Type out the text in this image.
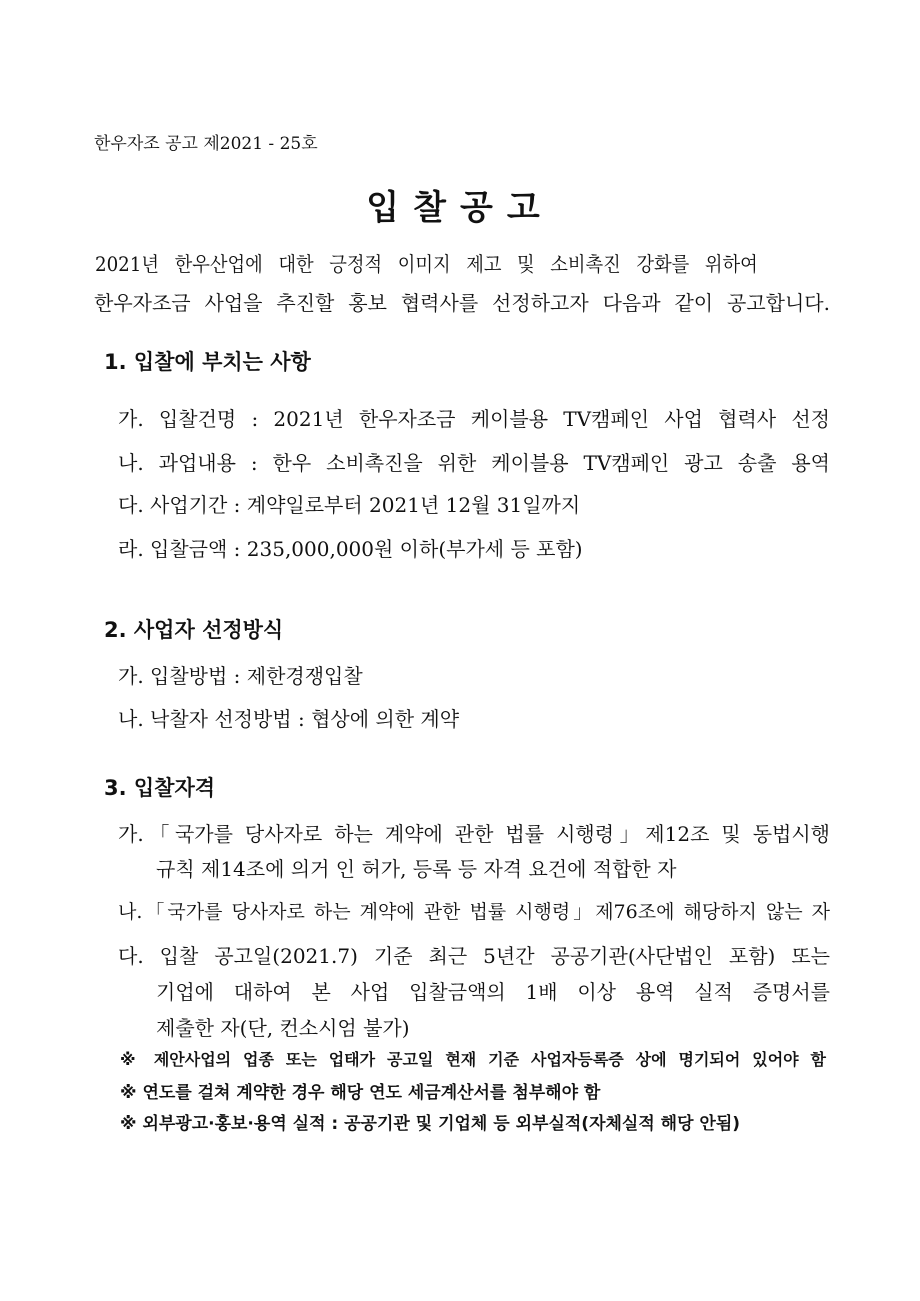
한우자조 공고 제2021 - 25호
입찰공고
2021년 한우산업에 대한 긍정적 이미지 제고 및 소비촉진 강화를 위하여
한우자조금 사업을 추진할 홍보 협력사를 선정하고자 다음과 같이 공고합니다.
1. 입찰에 부치는 사항
가. 입찰건명 : 2021년 한우자조금 케이블용 TV캠페인 사업 협력사 선정
나. 과업내용 : 한우 소비촉진을 위한 케이블용 TV캠페인 광고 송출 용역
다. 사업기간 : 계약일로부터 2021년 12월 31일까지
라. 입찰금액 : 235,000,000원 이하(부가세 등 포함)
2. 사업자 선정방식
가. 입찰방법 : 제한경쟁입찰
나. 낙찰자 선정방법 : 협상에 의한 계약
3. 입찰자격
가.「국가를 당사자로 하는 계약에 관한 법률 시행령」제12조 및 동법시행
규칙 제14조에 의거 인 허가, 등록 등 자격 요건에 적합한 자
나.「국가를 당사자로 하는 계약에 관한 법률 시행령」제76조에 해당하지 않는 자
다. 입찰 공고일(2021.7) 기준 최근 5년간 공공기관(사단법인 포함) 또는
기업에 대하여 본 사업 입찰금액의 1배 이상 용역 실적 증명서를
제출한 자(단, 컨소시엄 불가)
※ 제안사업의 업종 또는 업태가 공고일 현재 기준 사업자등록증 상에 명기되어 있어야 함
※ 연도를 걸쳐 계약한 경우 해당 연도 세금계산서를 첨부해야 함
※ 외부광고·홍보·용역 실적 : 공공기관 및 기업체 등 외부실적(자체실적 해당 안됨)
